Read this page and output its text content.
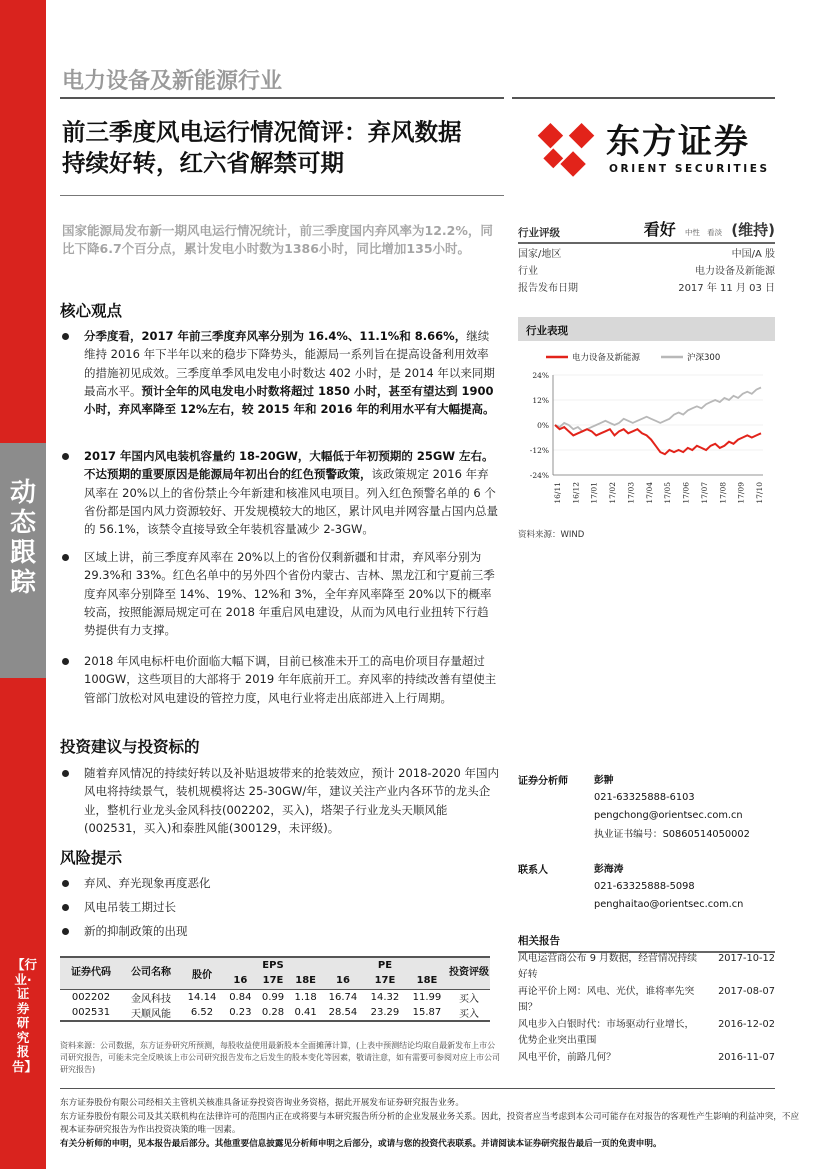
动态跟踪
【行业·证券研究报告】
电力设备及新能源行业
前三季度风电运行情况简评：弃风数据
持续好转，红六省解禁可期
东方证券
ORIENT SECURITIES
国家能源局发布新一期风电运行情况统计，前三季度国内弃风率为12.2%，同比下降6.7个百分点，累计发电小时数为1386小时，同比增加135小时。
核心观点
分季度看，2017 年前三季度弃风率分别为 16.4%、11.1%和 8.66%，继续维持 2016 年下半年以来的稳步下降势头，能源局一系列旨在提高设备利用效率的措施初见成效。三季度单季风电发电小时数达 402 小时，是 2014 年以来同期最高水平。预计全年的风电发电小时数将超过 1850 小时，甚至有望达到 1900 小时，弃风率降至 12%左右，较 2015 年和 2016 年的利用水平有大幅提高。
2017 年国内风电装机容量约 18-20GW，大幅低于年初预期的 25GW 左右。不达预期的重要原因是能源局年初出台的红色预警政策，该政策规定 2016 年弃风率在 20%以上的省份禁止今年新建和核准风电项目。列入红色预警名单的 6 个省份都是国内风力资源较好、开发规模较大的地区，累计风电并网容量占国内总量的 56.1%，该禁令直接导致全年装机容量减少 2-3GW。
区域上讲，前三季度弃风率在 20%以上的省份仅剩新疆和甘肃，弃风率分别为 29.3%和 33%。红色名单中的另外四个省份内蒙古、吉林、黑龙江和宁夏前三季度弃风率分别降至 14%、19%、12%和 3%，全年弃风率降至 20%以下的概率较高，按照能源局规定可在 2018 年重启风电建设，从而为风电行业扭转下行趋势提供有力支撑。
2018 年风电标杆电价面临大幅下调，目前已核准未开工的高电价项目存量超过 100GW，这些项目的大部将于 2019 年年底前开工。弃风率的持续改善有望使主管部门放松对风电建设的管控力度，风电行业将走出底部进入上行周期。
投资建议与投资标的
随着弃风情况的持续好转以及补贴退坡带来的抢装效应，预计 2018-2020 年国内风电将持续景气，装机规模将达 25-30GW/年，建议关注产业内各环节的龙头企业，整机行业龙头金风科技(002202，买入)，塔架子行业龙头天顺风能(002531，买入)和泰胜风能(300129，未评级)。
风险提示
弃风、弃光现象再度恶化
风电吊装工期过长
新的抑制政策的出现
行业评级	看好 中性 看淡 (维持)
国家/地区	中国/A 股
行业	电力设备及新能源
报告发布日期	2017 年 11 月 03 日
行业表现
电力设备及新能源	沪深300
24%
12%
0%
-12%
-24%
16/11 16/12 17/01 17/02 17/03 17/04 17/05 17/06 17/07 17/08 17/09 17/10
资料来源：WIND
证券分析师	彭翀
021-63325888-6103
pengchong@orientsec.com.cn
执业证书编号：S0860514050002
联系人	彭海涛
021-63325888-5098
penghaitao@orientsec.com.cn
相关报告
风电运营商公布 9 月数据，经营情况持续好转
2017-10-12
再论平价上网：风电、光伏，谁将率先突围？
2017-08-07
风电步入白银时代：市场驱动行业增长，优势企业突出重围
2016-12-02
风电平价，前路几何？	2016-11-07
证券代码	公司名称	股价	EPS			PE			投资评级
			16	17E	18E	16	17E	18E	
002202	金风科技	14.14	0.84	0.99	1.18	16.74	14.32	11.99	买入
002531	天顺风能	6.52	0.23	0.28	0.41	28.54	23.29	15.87	买入
资料来源：公司数据，东方证券研究所预测，每股收益使用最新股本全面摊薄计算，(上表中预测结论均取自最新发布上市公司研究报告，可能未完全反映该上市公司研究报告发布之后发生的股本变化等因素，敬请注意，如有需要可参阅对应上市公司研究报告)
东方证券股份有限公司经相关主管机关核准具备证券投资咨询业务资格，据此开展发布证券研究报告业务。
东方证券股份有限公司及其关联机构在法律许可的范围内正在或将要与本研究报告所分析的企业发展业务关系。因此，投资者应当考虑到本公司可能存在对报告的客观性产生影响的利益冲突，不应视本证券研究报告为作出投资决策的唯一因素。
有关分析师的申明，见本报告最后部分。其他重要信息披露见分析师申明之后部分，或请与您的投资代表联系。并请阅读本证券研究报告最后一页的免责申明。
